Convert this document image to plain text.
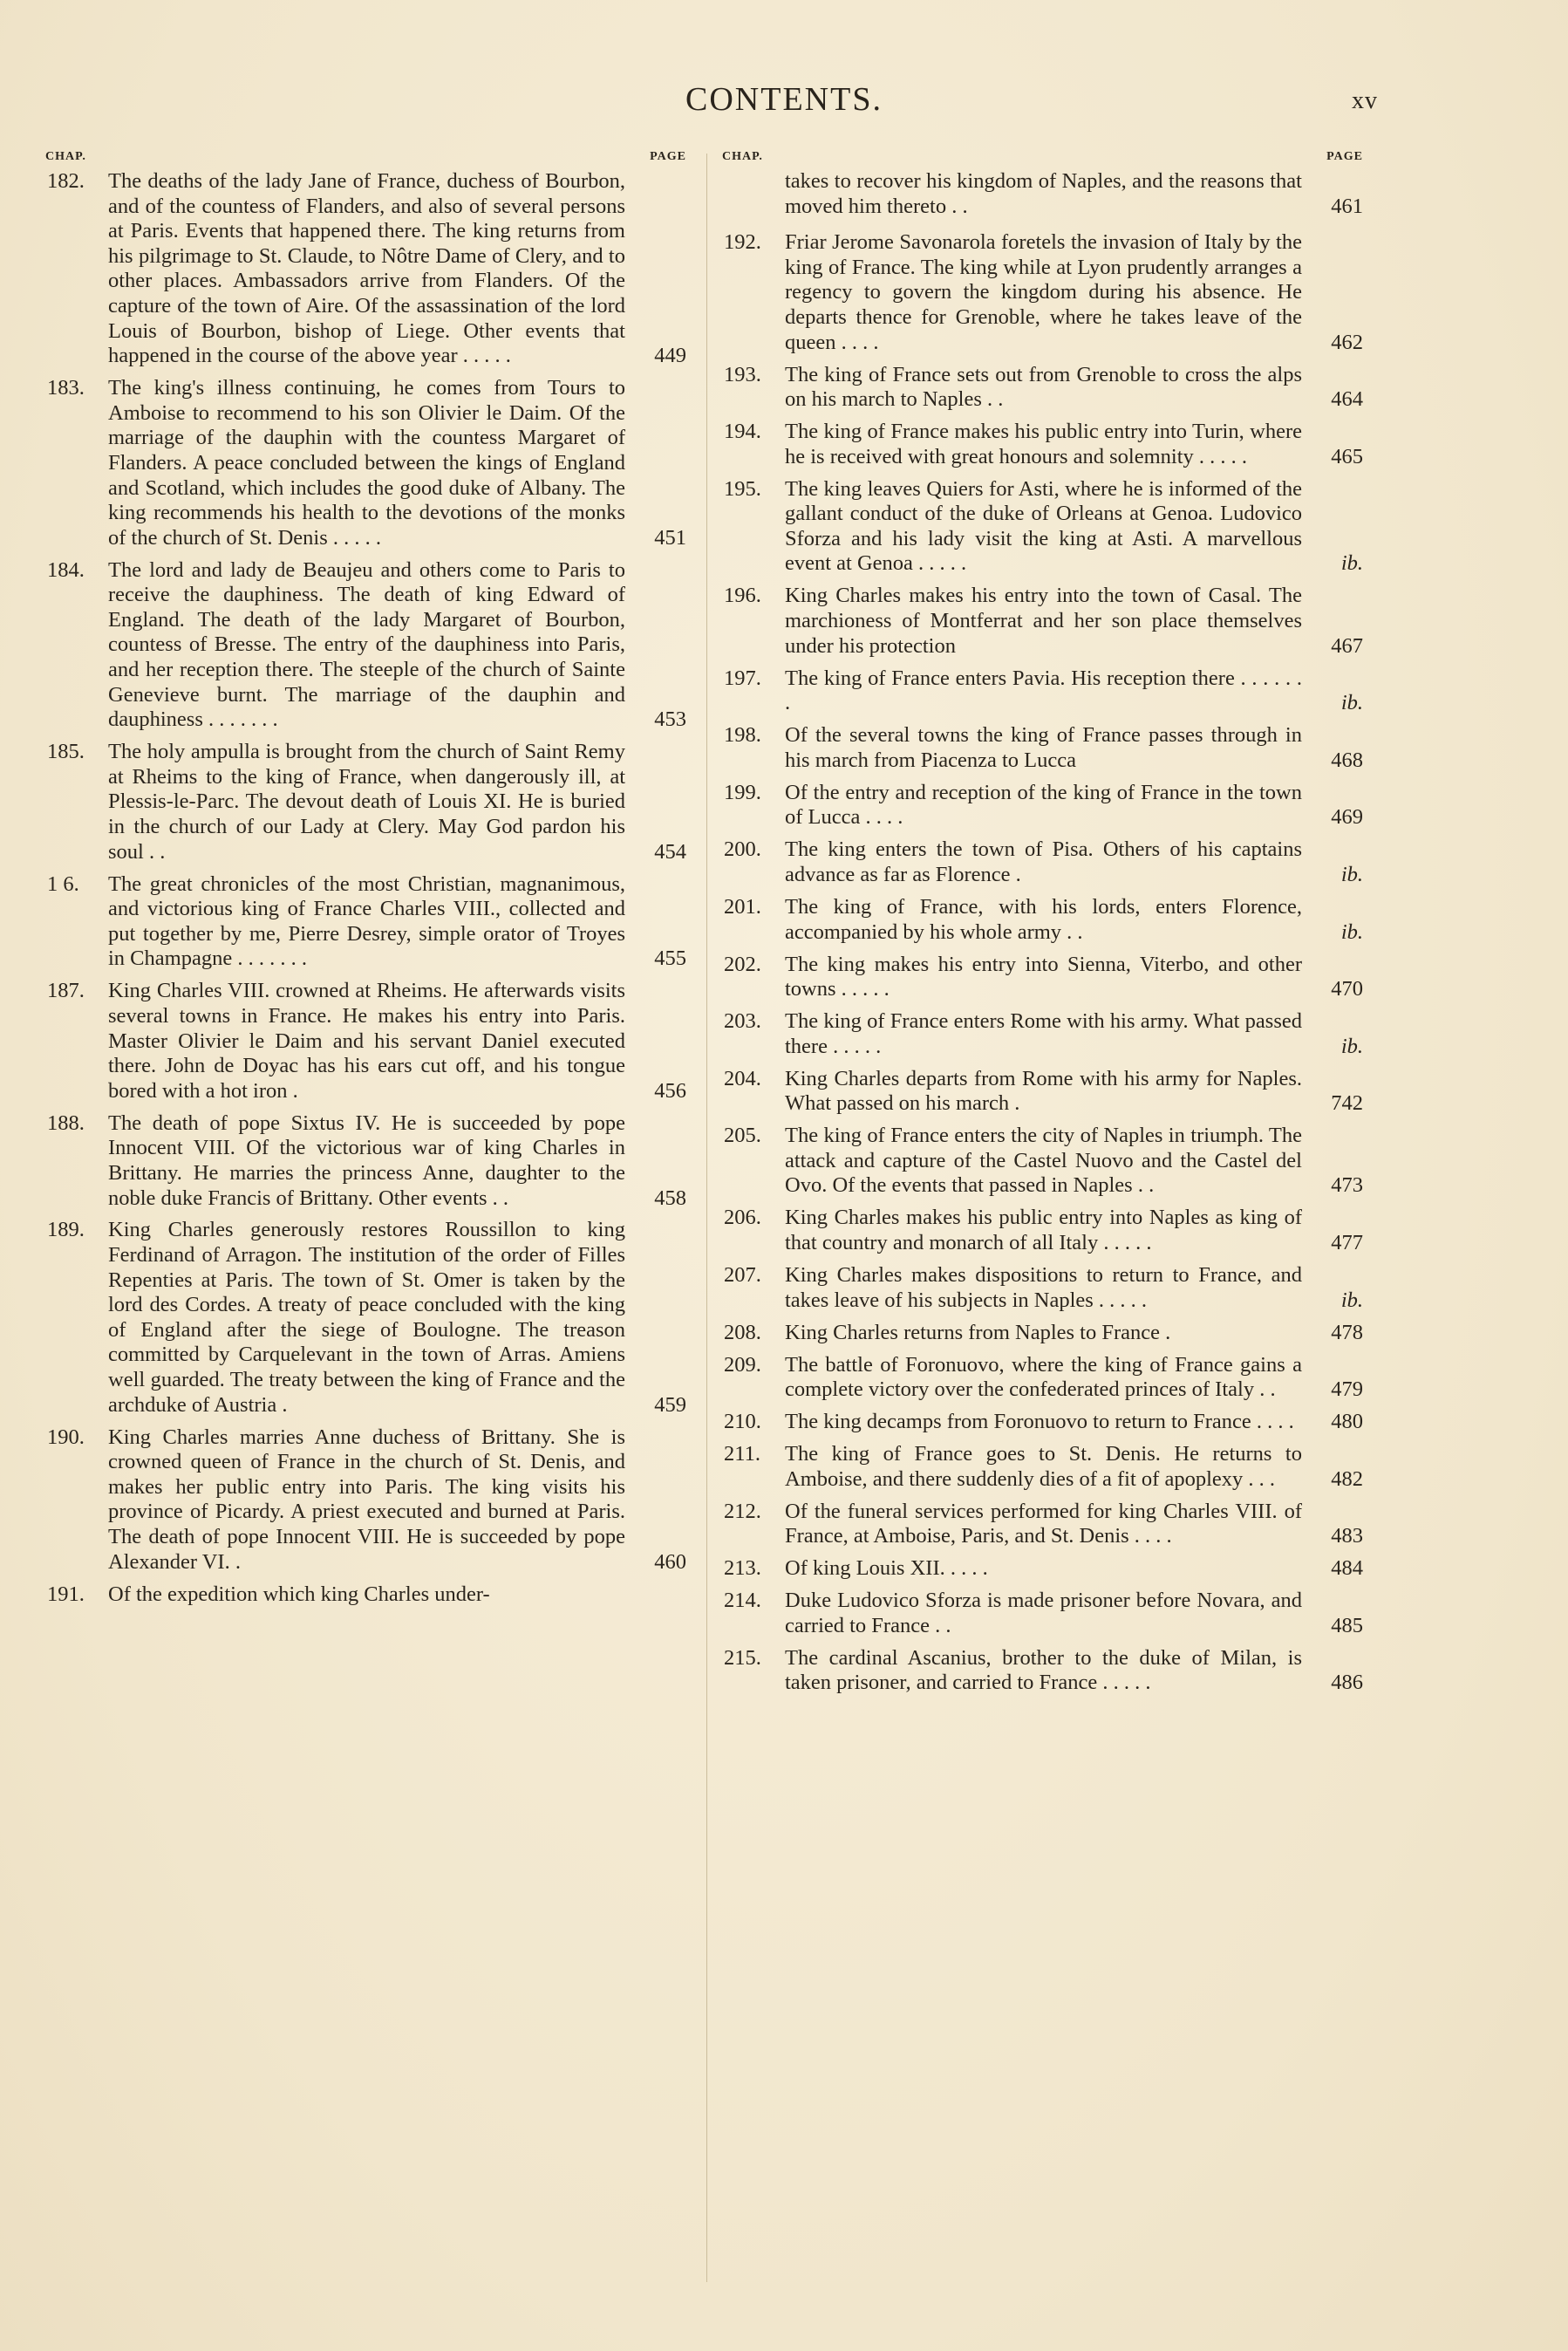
CONTENTS.	xv
CHAP.	PAGE
182. The deaths of the lady Jane of France, duchess of Bourbon, and of the countess of Flanders, and also of several persons at Paris. Events that happened there. The king returns from his pilgrimage to St. Claude, to Nôtre Dame of Clery, and to other places. Ambassadors arrive from Flanders. Of the capture of the town of Aire. Of the assassination of the lord Louis of Bourbon, bishop of Liege. Other events that happened in the course of the above year . . . . .	449
183. The king's illness continuing, he comes from Tours to Amboise to recommend to his son Olivier le Daim. Of the marriage of the dauphin with the countess Margaret of Flanders. A peace concluded between the kings of England and Scotland, which includes the good duke of Albany. The king recommends his health to the devotions of the monks of the church of St. Denis . . . . .	451
184. The lord and lady de Beaujeu and others come to Paris to receive the dauphiness. The death of king Edward of England. The death of the lady Margaret of Bourbon, countess of Bresse. The entry of the dauphiness into Paris, and her reception there. The steeple of the church of Sainte Genevieve burnt. The marriage of the dauphin and dauphiness . . . . . . .	453
185. The holy ampulla is brought from the church of Saint Remy at Rheims to the king of France, when dangerously ill, at Plessis-le-Parc. The devout death of Louis XI. He is buried in the church of our Lady at Clery. May God pardon his soul . .	454
1 6. The great chronicles of the most Christian, magnanimous, and victorious king of France Charles VIII., collected and put together by me, Pierre Desrey, simple orator of Troyes in Champagne . . . . . . .	455
187. King Charles VIII. crowned at Rheims. He afterwards visits several towns in France. He makes his entry into Paris. Master Olivier le Daim and his servant Daniel executed there. John de Doyac has his ears cut off, and his tongue bored with a hot iron .	456
188. The death of pope Sixtus IV. He is succeeded by pope Innocent VIII. Of the victorious war of king Charles in Brittany. He marries the princess Anne, daughter to the noble duke Francis of Brittany. Other events . .	458
189. King Charles generously restores Roussillon to king Ferdinand of Arragon. The institution of the order of Filles Repenties at Paris. The town of St. Omer is taken by the lord des Cordes. A treaty of peace concluded with the king of England after the siege of Boulogne. The treason committed by Carquelevant in the town of Arras. Amiens well guarded. The treaty between the king of France and the archduke of Austria .	459
190. King Charles marries Anne duchess of Brittany. She is crowned queen of France in the church of St. Denis, and makes her public entry into Paris. The king visits his province of Picardy. A priest executed and burned at Paris. The death of pope Innocent VIII. He is succeeded by pope Alexander VI. .	460
191. Of the expedition which king Charles under-
CHAP.	PAGE
takes to recover his kingdom of Naples, and the reasons that moved him thereto . .	461
192. Friar Jerome Savonarola foretels the invasion of Italy by the king of France. The king while at Lyon prudently arranges a regency to govern the kingdom during his absence. He departs thence for Grenoble, where he takes leave of the queen . . . .	462
193. The king of France sets out from Grenoble to cross the alps on his march to Naples . .	464
194. The king of France makes his public entry into Turin, where he is received with great honours and solemnity . . . . .	465
195. The king leaves Quiers for Asti, where he is informed of the gallant conduct of the duke of Orleans at Genoa. Ludovico Sforza and his lady visit the king at Asti. A marvellous event at Genoa . . . . .	ib.
196. King Charles makes his entry into the town of Casal. The marchioness of Montferrat and her son place themselves under his protection	467
197. The king of France enters Pavia. His reception there . . . . . . .	ib.
198. Of the several towns the king of France passes through in his march from Piacenza to Lucca	468
199. Of the entry and reception of the king of France in the town of Lucca . . . .	469
200. The king enters the town of Pisa. Others of his captains advance as far as Florence .	ib.
201. The king of France, with his lords, enters Florence, accompanied by his whole army . .	ib.
202. The king makes his entry into Sienna, Viterbo, and other towns . . . . .	470
203. The king of France enters Rome with his army. What passed there . . . . .	ib.
204. King Charles departs from Rome with his army for Naples. What passed on his march .	742
205. The king of France enters the city of Naples in triumph. The attack and capture of the Castel Nuovo and the Castel del Ovo. Of the events that passed in Naples . .	473
206. King Charles makes his public entry into Naples as king of that country and monarch of all Italy . . . . .	477
207. King Charles makes dispositions to return to France, and takes leave of his subjects in Naples . . . . .	ib.
208. King Charles returns from Naples to France .	478
209. The battle of Foronuovo, where the king of France gains a complete victory over the confederated princes of Italy . .	479
210. The king decamps from Foronuovo to return to France . . . .	480
211. The king of France goes to St. Denis. He returns to Amboise, and there suddenly dies of a fit of apoplexy . . .	482
212. Of the funeral services performed for king Charles VIII. of France, at Amboise, Paris, and St. Denis . . . .	483
213. Of king Louis XII. . . . .	484
214. Duke Ludovico Sforza is made prisoner before Novara, and carried to France . .	485
215. The cardinal Ascanius, brother to the duke of Milan, is taken prisoner, and carried to France . . . . .	486
